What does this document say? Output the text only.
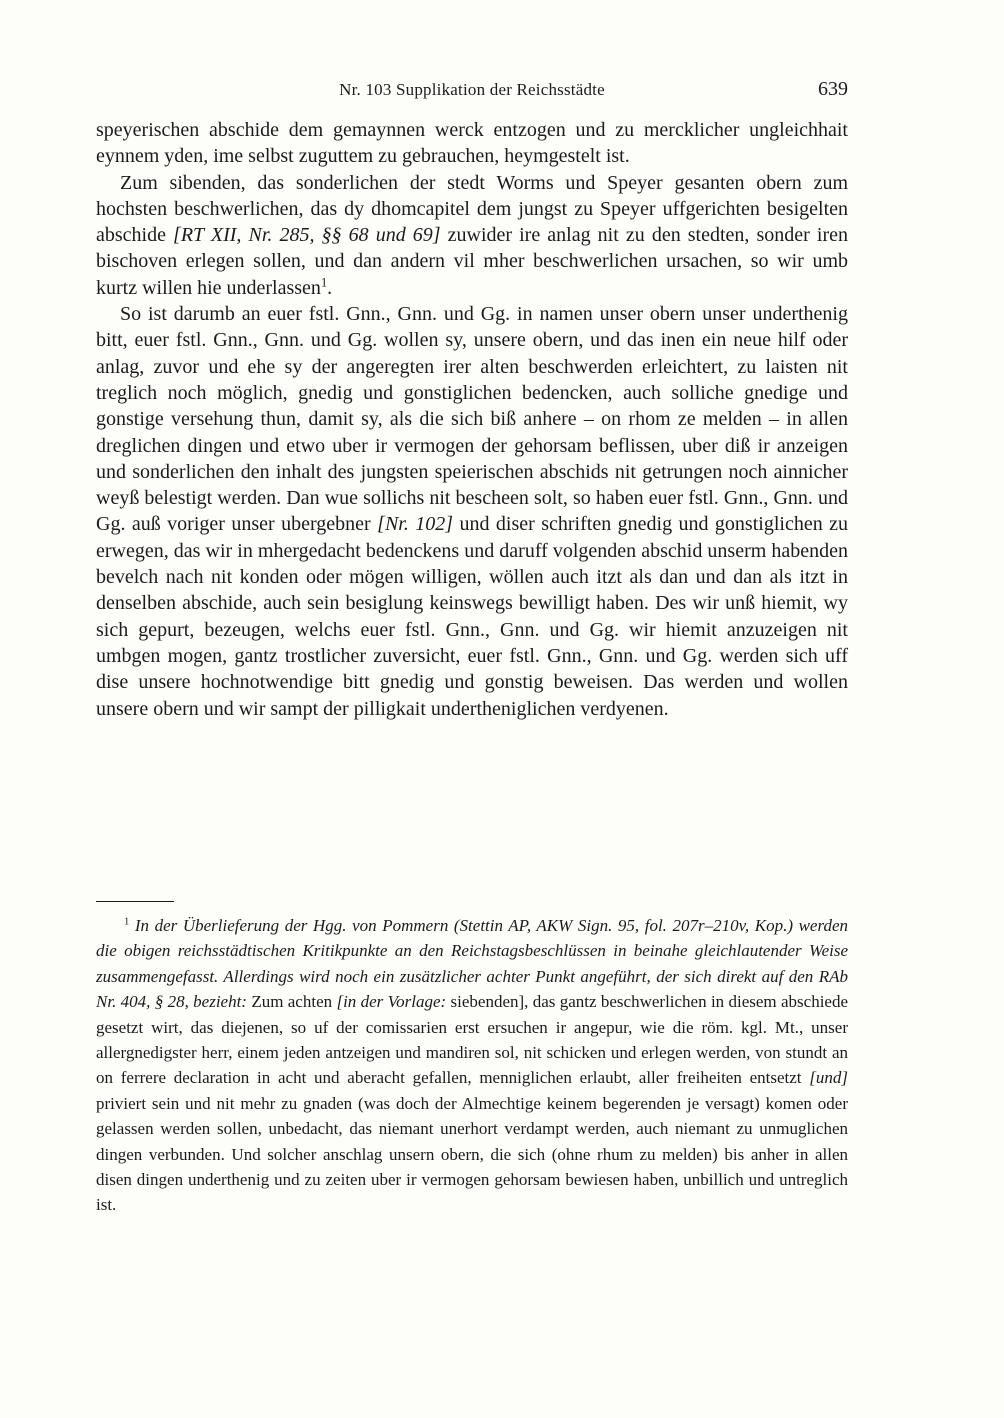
Nr. 103 Supplikation der Reichsstädte	639

speyerischen abschide dem gemaynnen werck entzogen und zu mercklicher ungleichhait eynnem yden, ime selbst zuguttem zu gebrauchen, heymgestelt ist.

Zum sibenden, das sonderlichen der stedt Worms und Speyer gesanten obern zum hochsten beschwerlichen, das dy dhomcapitel dem jungst zu Speyer uffgerichten besigelten abschide [RT XII, Nr. 285, §§ 68 und 69] zuwider ire anlag nit zu den stedten, sonder iren bischoven erlegen sollen, und dan andern vil mher beschwerlichen ursachen, so wir umb kurtz willen hie underlassen$^1$.

So ist darumb an euer fstl. Gnn., Gnn. und Gg. in namen unser obern unser underthenig bitt, euer fstl. Gnn., Gnn. und Gg. wollen sy, unsere obern, und das inen ein neue hilf oder anlag, zuvor und ehe sy der angeregten irer alten beschwerden erleichtert, zu laisten nit treglich noch möglich, gnedig und gonstiglichen bedencken, auch solliche gnedige und gonstige versehung thun, damit sy, als die sich biß anhere – on rhom ze melden – in allen dreglichen dingen und etwo uber ir vermogen der gehorsam beflissen, uber diß ir anzeigen und sonderlichen den inhalt des jungsten speierischen abschids nit getrungen noch ainnicher weyß belestigt werden. Dan wue sollichs nit bescheen solt, so haben euer fstl. Gnn., Gnn. und Gg. auß voriger unser ubergebner [Nr. 102] und diser schriften gnedig und gonstiglichen zu erwegen, das wir in mhergedacht bedenckens und daruff volgenden abschid unserm habenden bevelch nach nit konden oder mögen willigen, wöllen auch itzt als dan und dan als itzt in denselben abschide, auch sein besiglung keinswegs bewilligt haben. Des wir unß hiemit, wy sich gepurt, bezeugen, welchs euer fstl. Gnn., Gnn. und Gg. wir hiemit anzuzeigen nit umbgen mogen, gantz trostlicher zuversicht, euer fstl. Gnn., Gnn. und Gg. werden sich uff dise unsere hochnotwendige bitt gnedig und gonstig beweisen. Das werden und wollen unsere obern und wir sampt der pilligkait undertheniglichen verdyenen.

$^1$ In der Überlieferung der Hgg. von Pommern (Stettin AP, AKW Sign. 95, fol. 207r–210v, Kop.) werden die obigen reichsstädtischen Kritikpunkte an den Reichstagsbeschlüssen in beinahe gleichlautender Weise zusammengefasst. Allerdings wird noch ein zusätzlicher achter Punkt angeführt, der sich direkt auf den RAb Nr. 404, § 28, bezieht: Zum achten [in der Vorlage: siebenden], das gantz beschwerlichen in diesem abschiede gesetzt wirt, das diejenen, so uf der comissarien erst ersuchen ir angepur, wie die röm. kgl. Mt., unser allergnedigster herr, einem jeden antzeigen und mandiren sol, nit schicken und erlegen werden, von stundt an on ferrere declaration in acht und aberacht gefallen, menniglichen erlaubt, aller freiheiten entsetzt [und] priviert sein und nit mehr zu gnaden (was doch der Almechtige keinem begerenden je versagt) komen oder gelassen werden sollen, unbedacht, das niemant unerhort verdampt werden, auch niemant zu unmuglichen dingen verbunden. Und solcher anschlag unsern obern, die sich (ohne rhum zu melden) bis anher in allen disen dingen underthenig und zu zeiten uber ir vermogen gehorsam bewiesen haben, unbillich und untreglich ist.
